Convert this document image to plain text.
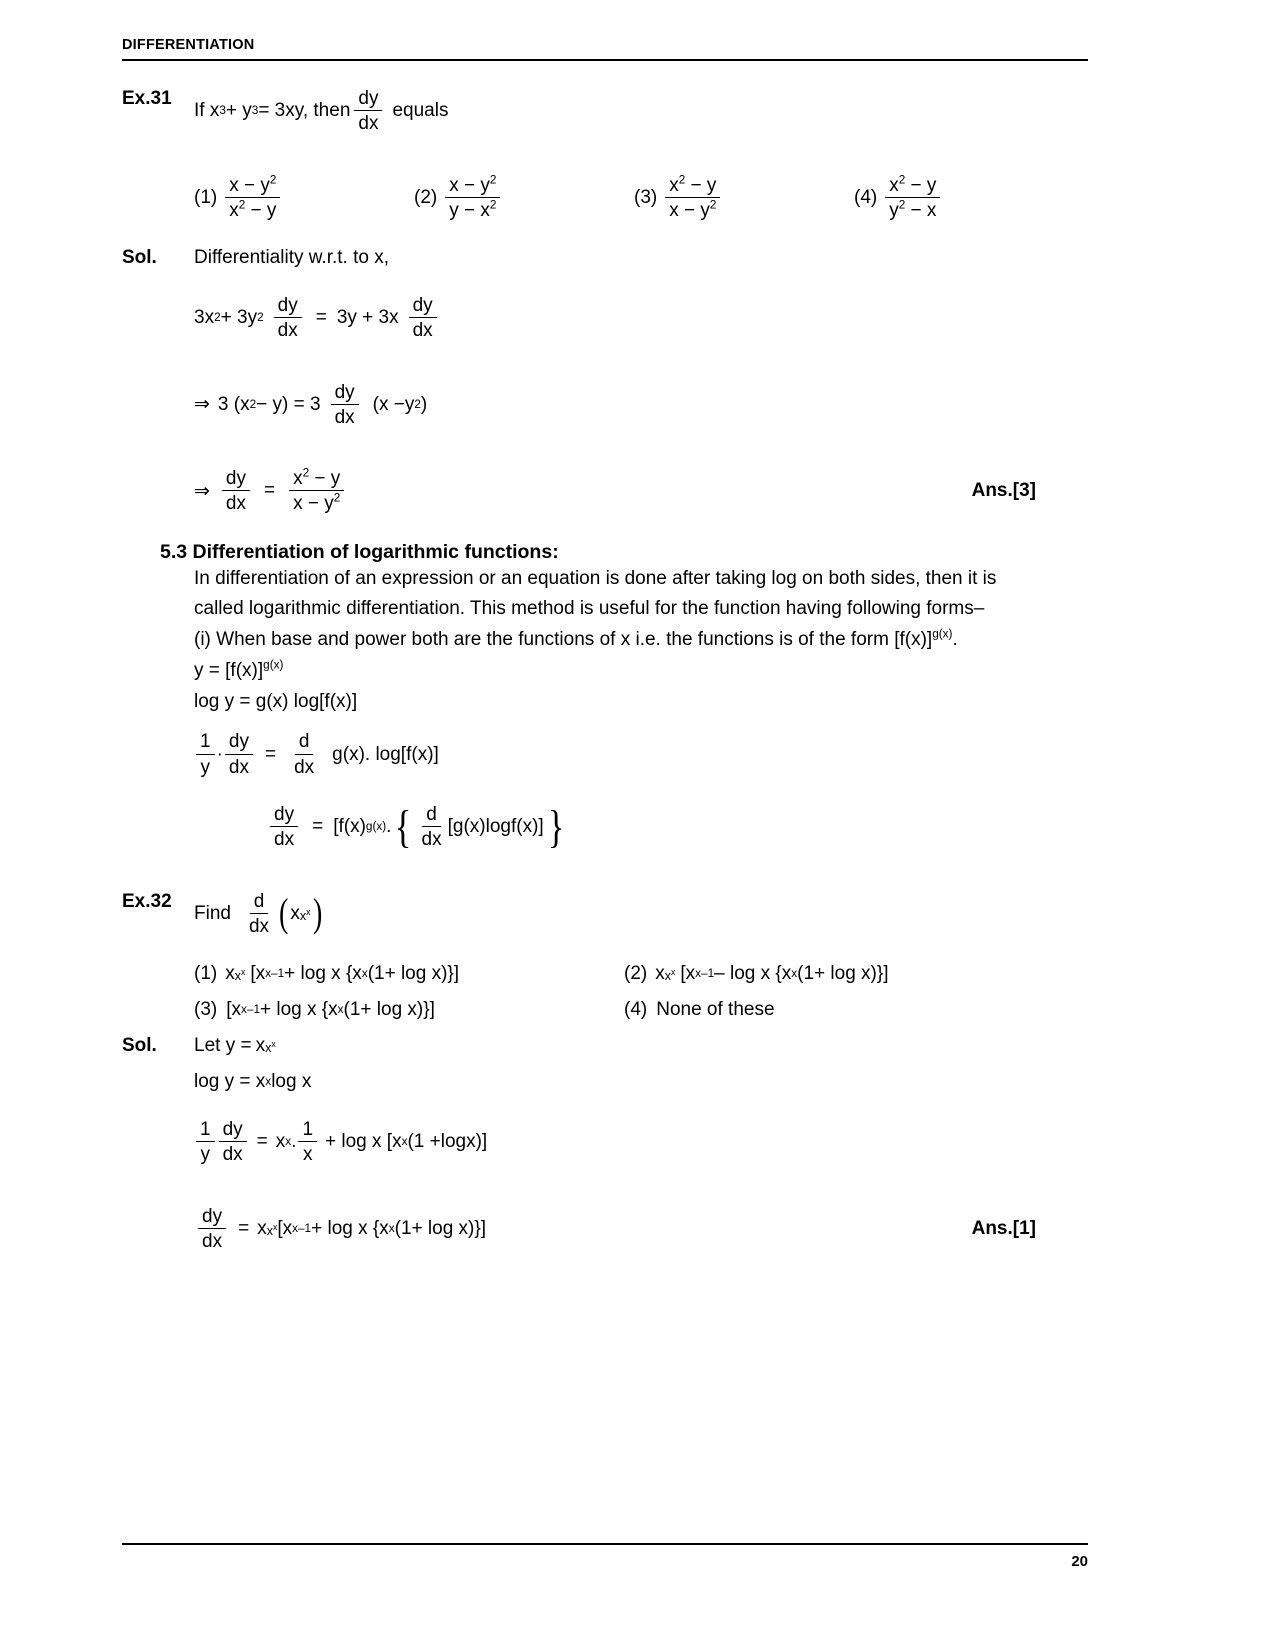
DIFFERENTIATION
Ex.31
If x 3 + y 3 = 3xy, then $\frac{dy}{dx}$ equals
$(1) \frac{x - y^2}{x^2 - y}$	$(2) \frac{x - y^2}{y - x^2}$	$(3) \frac{x^2 - y}{x - y^2}$	$(4) \frac{x^2 - y}{y^2 - x}$
Sol.	Differentiality w.r.t. to x,
3x 2 + 3y $2 \frac{dy}{dx} = 3y + 3x \frac{dy}{dx}$
⇒ 3 (x $2 - y) = 3 \frac{dy}{dx} (x -y$ 2 )
⇒ $\frac{dy}{dx} = \frac{x^2 - y}{x - y^2}$	Ans.[3]
5.3 Differentiation of logarithmic functions:
In differentiation of an expression or an equation is done after taking log on both sides, then it is
called logarithmic differentiation. This method is useful for the function having following forms–
(i) When base and power both are the functions of x i.e. the functions is of the form $[f(x)]^{g(x)}$.
$y = [f(x)]^{g(x)}$
log y = g(x) log[f(x)]
$\frac{1}{y} \cdot \frac{dy}{dx} = \frac{d}{dx} g(x)$. log[f(x)]
$\frac{dy}{dx} = [f(x)$ g(x) . { $\frac{d}{dx} [g(x)\log f(x)]$ }
Ex.32
Find $\frac{d}{dx}$ ( x $x^x$ )
(1) x $x^x$ [x x–1 + log x {x x (1+ log x)}]	(2) x $x^x$ [x x–1 – log x {x x (1+ log x)}]
(3) [x x–1 + log x {x x (1+ log x)}]	(4) None of these
Sol.	Let y = x $x^x$
log y = x x log x
$\frac{1}{y} \frac{dy}{dx} = x$ x . $\frac{1}{x} + \log x$ [x x (1 +logx)]
$\frac{dy}{dx} = x$ $x^x$ [x x–1 + log x {x x (1+ log x)}]	Ans.[1]
20
